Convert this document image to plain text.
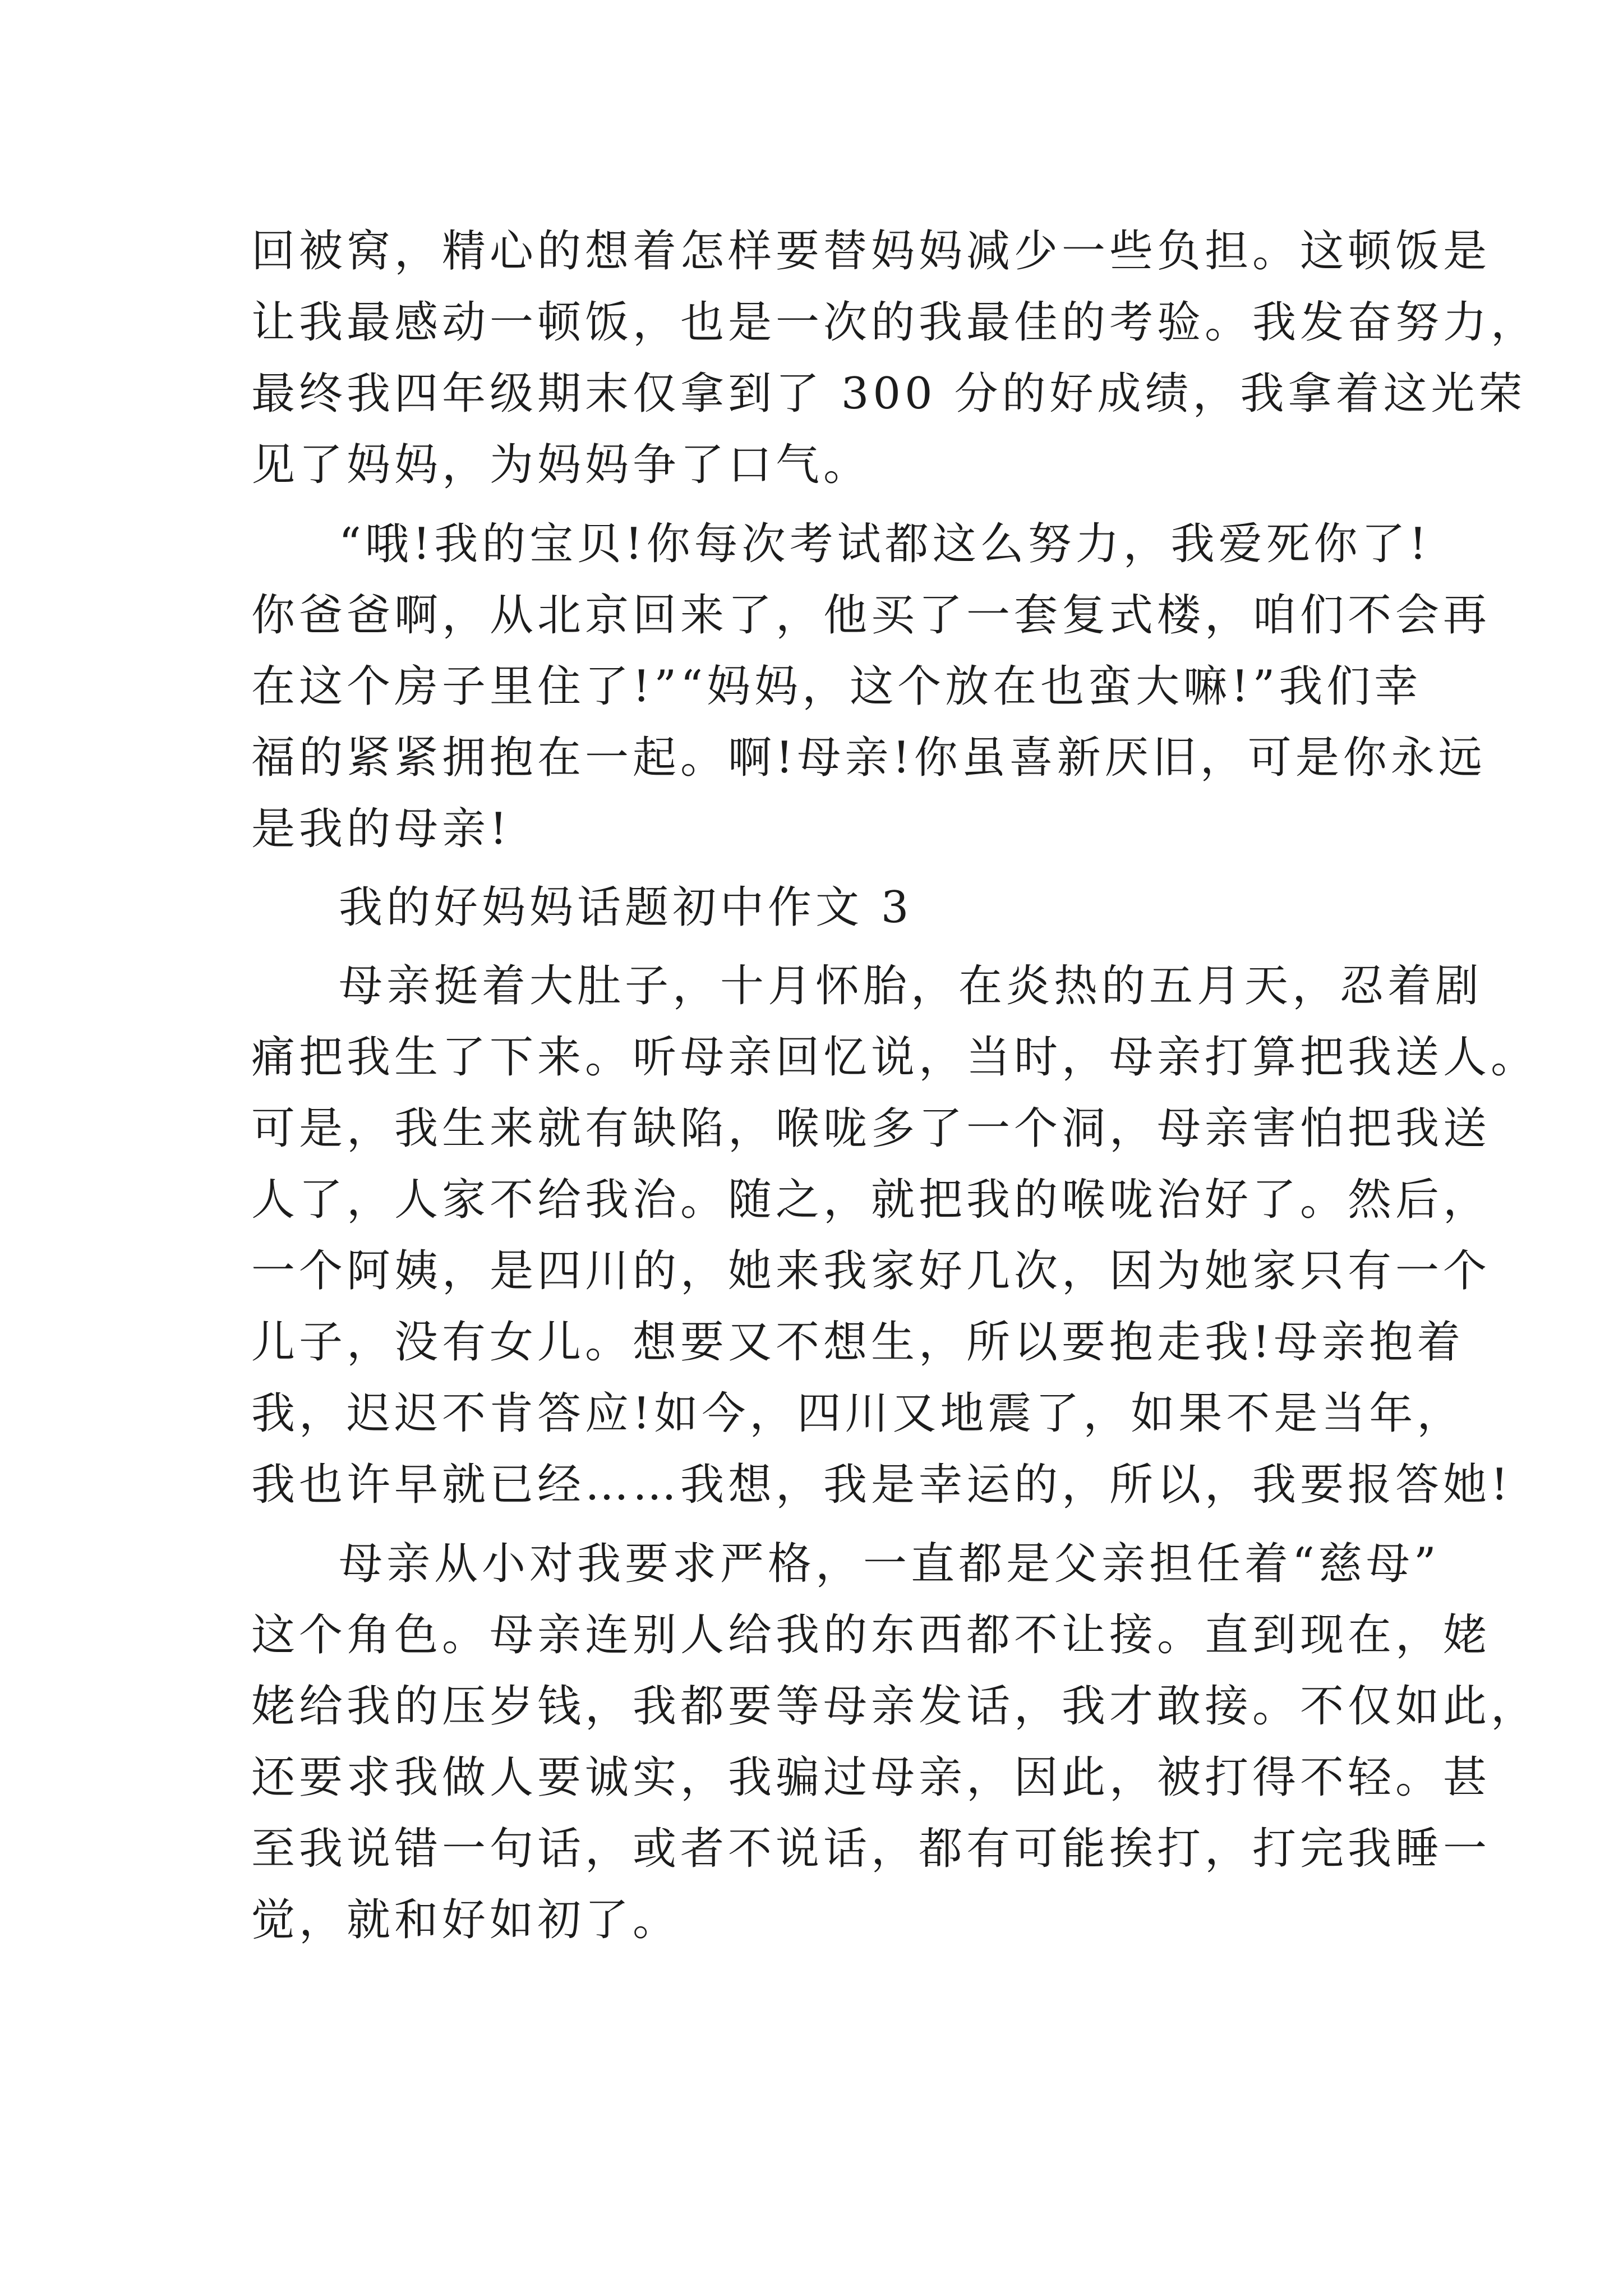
回被窝，精心的想着怎样要替妈妈减少一些负担。这顿饭是
让我最感动一顿饭，也是一次的我最佳的考验。我发奋努力，
最终我四年级期末仅拿到了 300 分的好成绩，我拿着这光荣
见了妈妈，为妈妈争了口气。
“哦!我的宝贝!你每次考试都这么努力，我爱死你了!
你爸爸啊，从北京回来了，他买了一套复式楼，咱们不会再
在这个房子里住了!”“妈妈，这个放在也蛮大嘛!”我们幸
福的紧紧拥抱在一起。啊!母亲!你虽喜新厌旧，可是你永远
是我的母亲!
我的好妈妈话题初中作文 3
母亲挺着大肚子，十月怀胎，在炎热的五月天，忍着剧
痛把我生了下来。听母亲回忆说，当时，母亲打算把我送人。
可是，我生来就有缺陷，喉咙多了一个洞，母亲害怕把我送
人了，人家不给我治。随之，就把我的喉咙治好了。然后，
一个阿姨，是四川的，她来我家好几次，因为她家只有一个
儿子，没有女儿。想要又不想生，所以要抱走我!母亲抱着
我，迟迟不肯答应!如今，四川又地震了，如果不是当年，
我也许早就已经……我想，我是幸运的，所以，我要报答她!
母亲从小对我要求严格，一直都是父亲担任着“慈母”
这个角色。母亲连别人给我的东西都不让接。直到现在，姥
姥给我的压岁钱，我都要等母亲发话，我才敢接。不仅如此，
还要求我做人要诚实，我骗过母亲，因此，被打得不轻。甚
至我说错一句话，或者不说话，都有可能挨打，打完我睡一
觉，就和好如初了。
